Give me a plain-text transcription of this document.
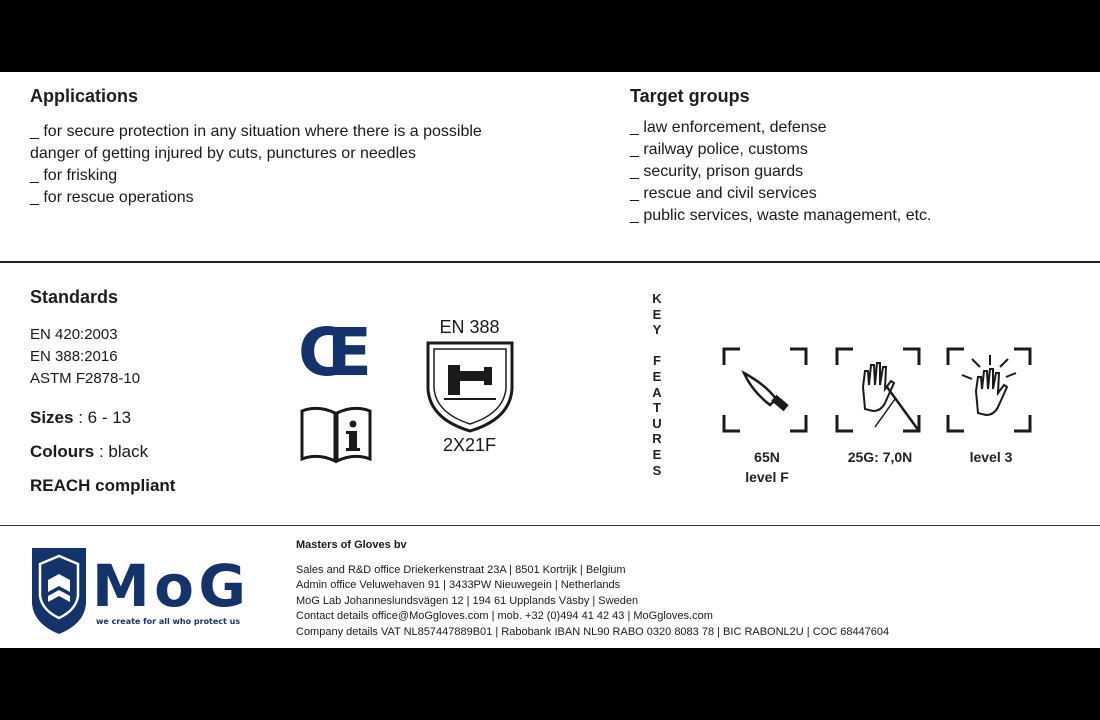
Applications
_ for secure protection in any situation where there is a possible
danger of getting injured by cuts, punctures or needles
_ for frisking
_ for rescue operations
Target groups
_ law enforcement, defense
_ railway police, customs
_ security, prison guards
_ rescue and civil services
_ public services, waste management, etc.
Standards
EN 420:2003
EN 388:2016
ASTM F2878-10
Sizes : 6 - 13
Colours : black
REACH compliant
CE	EN 388
2X21F
K
E
Y

F
E
A
T
U
R
E
S
65N
level F
25G: 7,0N	level 3
MoG
we create for all who protect us
Masters of Gloves bv
Sales and R&D office Driekerkenstraat 23A | 8501 Kortrijk | Belgium
Admin office Veluwehaven 91 | 3433PW Nieuwegein | Netherlands
MoG Lab Johanneslundsvägen 12 | 194 61 Upplands Väsby | Sweden
Contact details office@MoGgloves.com | mob. +32 (0)494 41 42 43 | MoGgloves.com
Company details VAT NL857447889B01 | Rabobank IBAN NL90 RABO 0320 8083 78 | BIC RABONL2U | COC 68447604
